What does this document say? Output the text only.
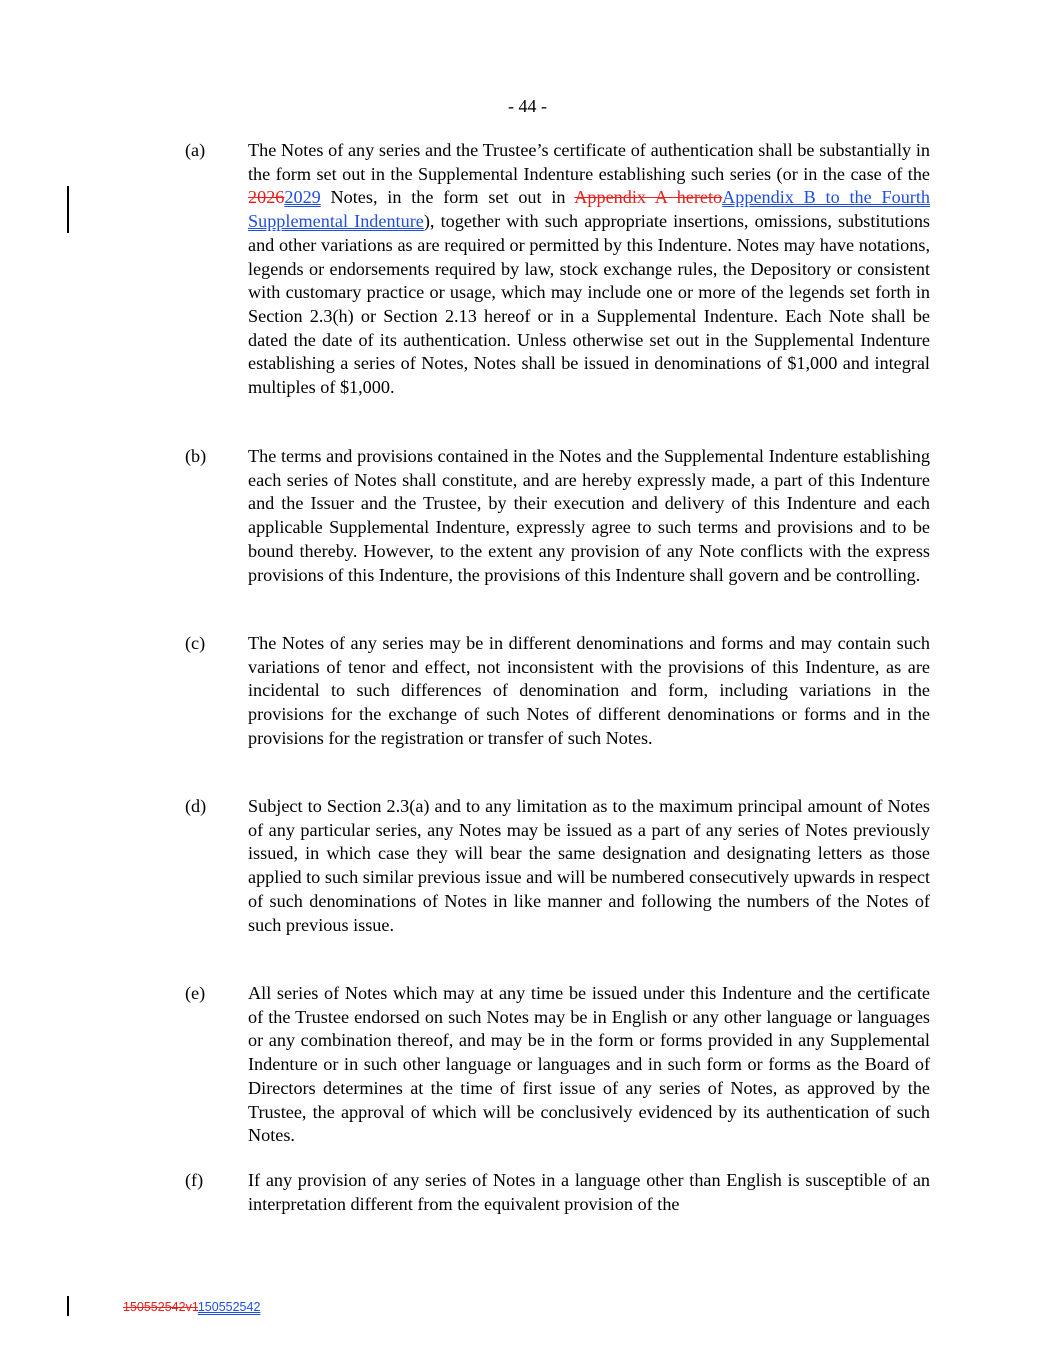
- 44 -
(a) The Notes of any series and the Trustee’s certificate of authentication shall be substantially in the form set out in the Supplemental Indenture establishing such series (or in the case of the 20262029 Notes, in the form set out in Appendix A heretoAppendix B to the Fourth Supplemental Indenture), together with such appropriate insertions, omissions, substitutions and other variations as are required or permitted by this Indenture. Notes may have notations, legends or endorsements required by law, stock exchange rules, the Depository or consistent with customary practice or usage, which may include one or more of the legends set forth in Section 2.3(h) or Section 2.13 hereof or in a Supplemental Indenture. Each Note shall be dated the date of its authentication. Unless otherwise set out in the Supplemental Indenture establishing a series of Notes, Notes shall be issued in denominations of $1,000 and integral multiples of $1,000.
(b) The terms and provisions contained in the Notes and the Supplemental Indenture establishing each series of Notes shall constitute, and are hereby expressly made, a part of this Indenture and the Issuer and the Trustee, by their execution and delivery of this Indenture and each applicable Supplemental Indenture, expressly agree to such terms and provisions and to be bound thereby. However, to the extent any provision of any Note conflicts with the express provisions of this Indenture, the provisions of this Indenture shall govern and be controlling.
(c) The Notes of any series may be in different denominations and forms and may contain such variations of tenor and effect, not inconsistent with the provisions of this Indenture, as are incidental to such differences of denomination and form, including variations in the provisions for the exchange of such Notes of different denominations or forms and in the provisions for the registration or transfer of such Notes.
(d) Subject to Section 2.3(a) and to any limitation as to the maximum principal amount of Notes of any particular series, any Notes may be issued as a part of any series of Notes previously issued, in which case they will bear the same designation and designating letters as those applied to such similar previous issue and will be numbered consecutively upwards in respect of such denominations of Notes in like manner and following the numbers of the Notes of such previous issue.
(e) All series of Notes which may at any time be issued under this Indenture and the certificate of the Trustee endorsed on such Notes may be in English or any other language or languages or any combination thereof, and may be in the form or forms provided in any Supplemental Indenture or in such other language or languages and in such form or forms as the Board of Directors determines at the time of first issue of any series of Notes, as approved by the Trustee, the approval of which will be conclusively evidenced by its authentication of such Notes.
(f) If any provision of any series of Notes in a language other than English is susceptible of an interpretation different from the equivalent provision of the
150552542v1150552542
